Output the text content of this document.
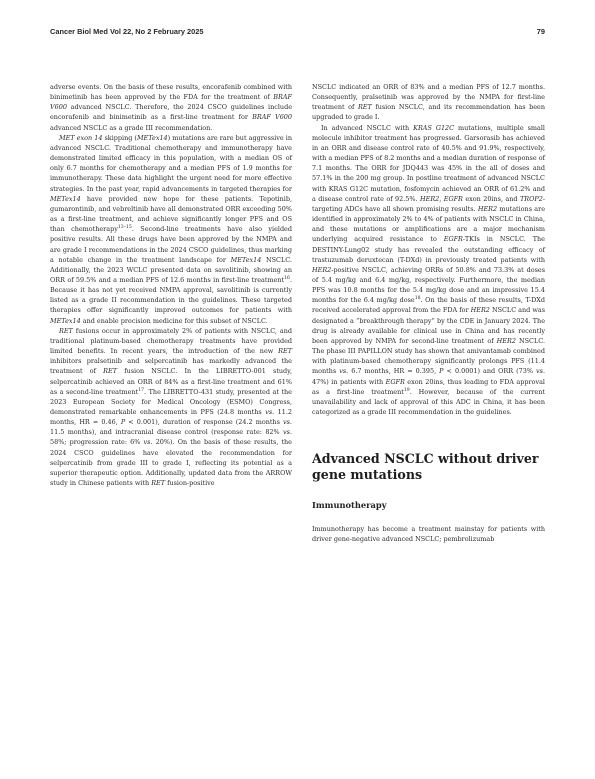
Cancer Biol Med Vol 22, No 2 February 2025	79

adverse events. On the basis of these results, encorafenib combined with binimetinib has been approved by the FDA for the treatment of BRAF V600 advanced NSCLC. Therefore, the 2024 CSCO guidelines include encorafenib and binimetinib as a first-line treatment for BRAF V600 advanced NSCLC as a grade III recommendation.

MET exon 14 skipping (METex14) mutations are rare but aggressive in advanced NSCLC. Traditional chemotherapy and immunotherapy have demonstrated limited efficacy in this population, with a median OS of only 6.7 months for chemotherapy and a median PFS of 1.9 months for immunotherapy. These data highlight the urgent need for more effective strategies. In the past year, rapid advancements in targeted therapies for METex14 have provided new hope for these patients. Tepotinib, gumarontinib, and vebreltinib have all demonstrated ORR exceeding 50% as a first-line treatment, and achieve significantly longer PFS and OS than chemotherapy$^{13-15}$. Second-line treatments have also yielded positive results. All these drugs have been approved by the NMPA and are grade I recommendations in the 2024 CSCO guidelines, thus marking a notable change in the treatment landscape for METex14 NSCLC. Additionally, the 2023 WCLC presented data on savolitinib, showing an ORR of 59.5% and a median PFS of 12.6 months in first-line treatment$^{16}$. Because it has not yet received NMPA approval, savolitinib is currently listed as a grade II recommendation in the guidelines. These targeted therapies offer significantly improved outcomes for patients with METex14 and enable precision medicine for this subset of NSCLC.

RET fusions occur in approximately 2% of patients with NSCLC, and traditional platinum-based chemotherapy treatments have provided limited benefits. In recent years, the introduction of the new RET inhibitors pralsetinib and selpercatinib has markedly advanced the treatment of RET fusion NSCLC. In the LIBRETTO-001 study, selpercatinib achieved an ORR of 84% as a first-line treatment and 61% as a second-line treatment$^{17}$. The LIBRETTO-431 study, presented at the 2023 European Society for Medical Oncology (ESMO) Congress, demonstrated remarkable enhancements in PFS (24.8 months vs. 11.2 months, HR = 0.46, P < 0.001), duration of response (24.2 months vs. 11.5 months), and intracranial disease control (response rate: 82% vs. 58%; progression rate: 6% vs. 20%). On the basis of these results, the 2024 CSCO guidelines have elevated the recommendation for selpercatinib from grade III to grade I, reflecting its potential as a superior therapeutic option. Additionally, updated data from the ARROW study in Chinese patients with RET fusion-positive

NSCLC indicated an ORR of 83% and a median PFS of 12.7 months. Consequently, pralsetinib was approved by the NMPA for first-line treatment of RET fusion NSCLC, and its recommendation has been upgraded to grade I.

In advanced NSCLC with KRAS G12C mutations, multiple small molecule inhibitor treatment has progressed. Garsorasib has achieved in an ORR and disease control rate of 40.5% and 91.9%, respectively, with a median PFS of 8.2 months and a median duration of response of 7.1 months. The ORR for JDQ443 was 45% in the all of doses and 57.1% in the 200 mg group. In postline treatment of advanced NSCLC with KRAS G12C mutation, fosfomycin achieved an ORR of 61.2% and a disease control rate of 92.5%. HER2, EGFR exon 20ins, and TROP2-targeting ADCs have all shown promising results. HER2 mutations are identified in approximately 2% to 4% of patients with NSCLC in China, and these mutations or amplifications are a major mechanism underlying acquired resistance to EGFR-TKIs in NSCLC. The DESTINY-Lung02 study has revealed the outstanding efficacy of trastuzumab deruxtecan (T-DXd) in previously treated patients with HER2-positive NSCLC, achieving ORRs of 50.8% and 73.3% at doses of 5.4 mg/kg and 6.4 mg/kg, respectively. Furthermore, the median PFS was 10.8 months for the 5.4 mg/kg dose and an impressive 15.4 months for the 6.4 mg/kg dose$^{18}$. On the basis of these results, T-DXd received accelerated approval from the FDA for HER2 NSCLC and was designated a “breakthrough therapy” by the CDE in January 2024. The drug is already available for clinical use in China and has recently been approved by NMPA for second-line treatment of HER2 NSCLC. The phase III PAPILLON study has shown that amivantamab combined with platinum-based chemotherapy significantly prolongs PFS (11.4 months vs. 6.7 months, HR = 0.395, P < 0.0001) and ORR (73% vs. 47%) in patients with EGFR exon 20ins, thus leading to FDA approval as a first-line treatment$^{19}$. However, because of the current unavailability and lack of approval of this ADC in China, it has been categorized as a grade III recommendation in the guidelines.

Advanced NSCLC without driver gene mutations
Immunotherapy

Immunotherapy has become a treatment mainstay for patients with driver gene-negative advanced NSCLC; pembrolizumab
